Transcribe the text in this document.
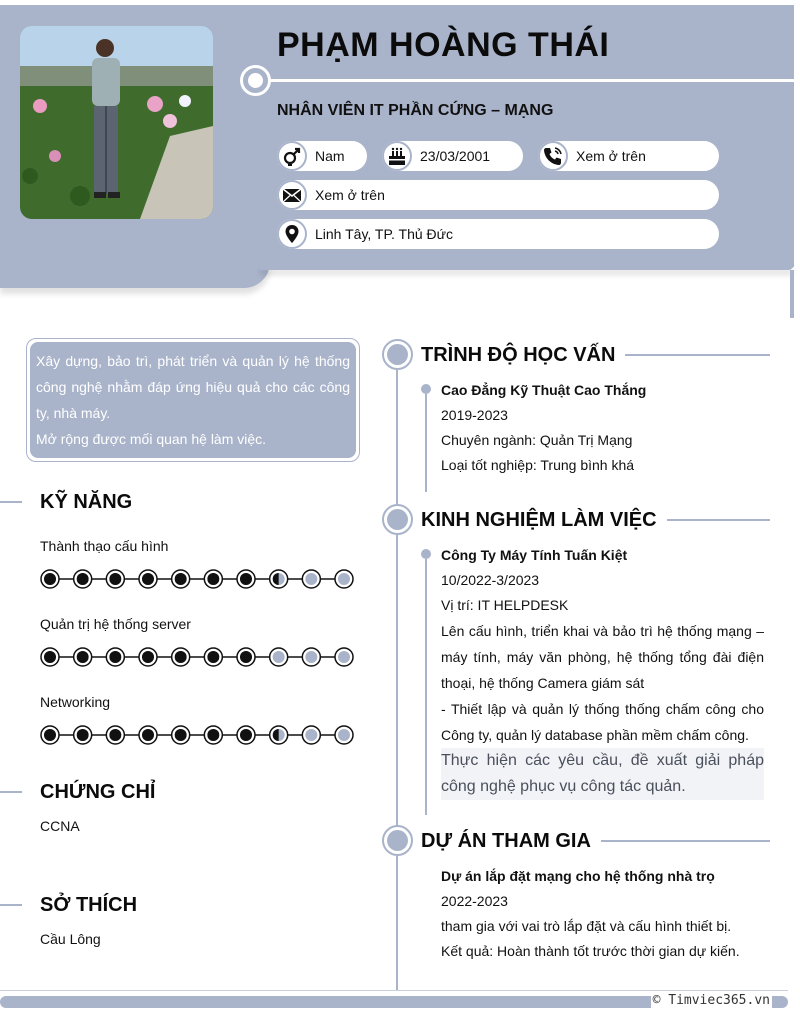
PHẠM HOÀNG THÁI
NHÂN VIÊN IT PHẦN CỨNG – MẠNG
Nam	23/03/2001	Xem ở trên
Xem ở trên
Linh Tây, TP. Thủ Đức
Xây dựng, bảo trì, phát triển và quản lý hệ thống công nghệ nhằm đáp ứng hiệu quả cho các công ty, nhà máy.
Mở rộng được mối quan hệ làm việc.
KỸ NĂNG
Thành thạo cấu hình
Quản trị hệ thống server
Networking
CHỨNG CHỈ
CCNA
SỞ THÍCH
Cầu Lông
TRÌNH ĐỘ HỌC VẤN
Cao Đẳng Kỹ Thuật Cao Thắng
2019-2023
Chuyên ngành: Quản Trị Mạng
Loại tốt nghiệp: Trung bình khá
KINH NGHIỆM LÀM VIỆC
Công Ty Máy Tính Tuấn Kiệt
10/2022-3/2023
Vị trí: IT HELPDESK
Lên cấu hình, triển khai và bảo trì hệ thống mạng – máy tính, máy văn phòng, hệ thống tổng đài điện thoại, hệ thống Camera giám sát
- Thiết lập và quản lý thống thống chấm công cho Công ty, quản lý database phần mềm chấm công.
Thực hiện các yêu cầu, đề xuất giải pháp công nghệ phục vụ công tác quản.
DỰ ÁN THAM GIA
Dự án lắp đặt mạng cho hệ thống nhà trọ
2022-2023
tham gia với vai trò lắp đặt và cấu hình thiết bị.
Kết quả: Hoàn thành tốt trước thời gian dự kiến.
© Timviec365.vn
